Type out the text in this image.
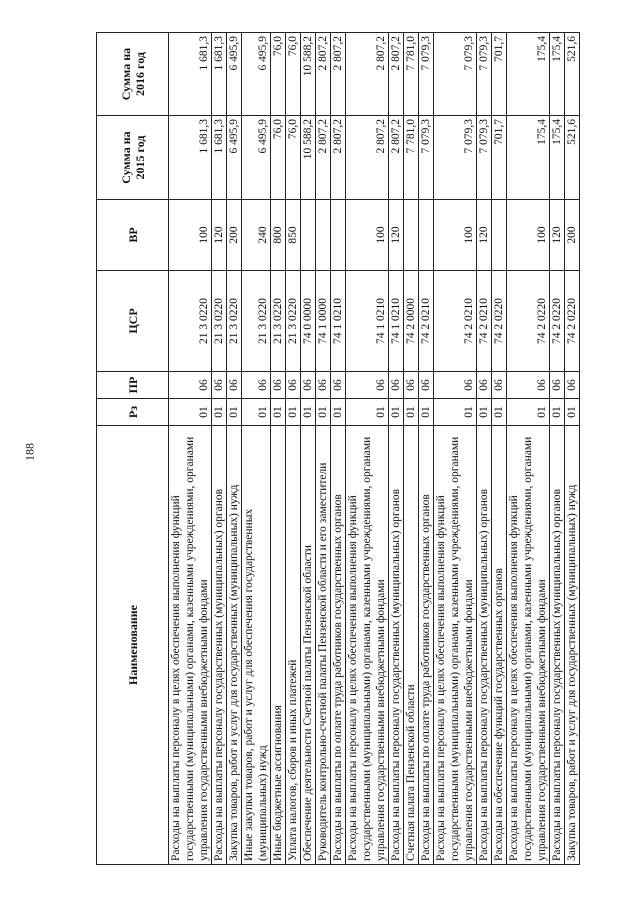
188
Наименование	Рз	ПР	ЦСР	ВР	Сумма на 2015 год	Сумма на 2016 год
Расходы на выплаты персоналу в целях обеспечения выполнения функций государственными (муниципальными) органами, казенными учреждениями, органами управления государственными внебюджетными фондами	01	06	21 3 0220	100	1 681,3	1 681,3
Расходы на выплаты персоналу государственных (муниципальных) органов	01	06	21 3 0220	120	1 681,3	1 681,3
Закупка товаров, работ и услуг для государственных (муниципальных) нужд	01	06	21 3 0220	200	6 495,9	6 495,9
Иные закупки товаров, работ и услуг для обеспечения государственных (муниципальных) нужд	01	06	21 3 0220	240	6 495,9	6 495,9
Иные бюджетные ассигнования	01	06	21 3 0220	800	76,0	76,0
Уплата налогов, сборов и иных платежей	01	06	21 3 0220	850	76,0	76,0
Обеспечение деятельности Счетной палаты Пензенской области	01	06	74 0 0000		10 588,2	10 588,2
Руководитель контрольно-счетной палаты Пензенской области и его заместители	01	06	74 1 0000		2 807,2	2 807,2
Расходы на выплаты по оплате труда работников государственных органов	01	06	74 1 0210		2 807,2	2 807,2
Расходы на выплаты персоналу в целях обеспечения выполнения функций государственными (муниципальными) органами, казенными учреждениями, органами управления государственными внебюджетными фондами	01	06	74 1 0210	100	2 807,2	2 807,2
Расходы на выплаты персоналу государственных (муниципальных) органов	01	06	74 1 0210	120	2 807,2	2 807,2
Счетная палата Пензенской области	01	06	74 2 0000		7 781,0	7 781,0
Расходы на выплаты по оплате труда работников государственных органов	01	06	74 2 0210		7 079,3	7 079,3
Расходы на выплаты персоналу в целях обеспечения выполнения функций государственными (муниципальными) органами, казенными учреждениями, органами управления государственными внебюджетными фондами	01	06	74 2 0210	100	7 079,3	7 079,3
Расходы на выплаты персоналу государственных (муниципальных) органов	01	06	74 2 0210	120	7 079,3	7 079,3
Расходы на обеспечение функций государственных органов	01	06	74 2 0220		701,7	701,7
Расходы на выплаты персоналу в целях обеспечения выполнения функций государственными (муниципальными) органами, казенными учреждениями, органами управления государственными внебюджетными фондами	01	06	74 2 0220	100	175,4	175,4
Расходы на выплаты персоналу государственных (муниципальных) органов	01	06	74 2 0220	120	175,4	175,4
Закупка товаров, работ и услуг для государственных (муниципальных) нужд	01	06	74 2 0220	200	521,6	521,6
